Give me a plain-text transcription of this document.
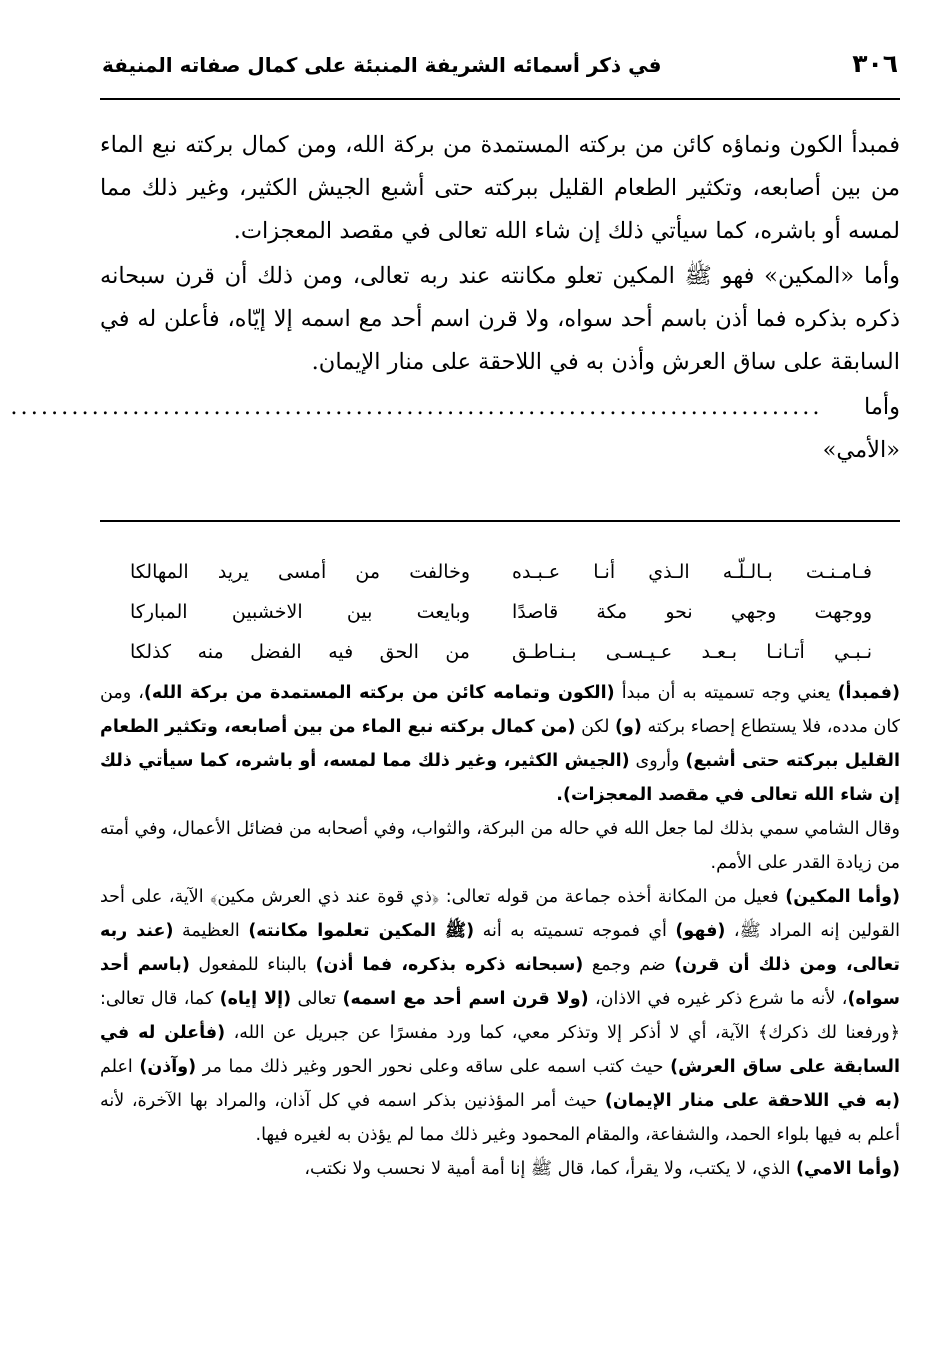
٣٠٦
في ذكر أسمائه الشريفة المنبئة على كمال صفاته المنيفة

فمبدأ الكون ونماؤه كائن من بركته المستمدة من بركة الله، ومن كمال بركته نبع الماء من بين أصابعه، وتكثير الطعام القليل ببركته حتى أشبع الجيش الكثير، وغير ذلك مما لمسه أو باشره، كما سيأتي ذلك إن شاء الله تعالى في مقصد المعجزات.

وأما «المكين» فهو ﷺ المكين تعلو مكانته عند ربه تعالى، ومن ذلك أن قرن سبحانه ذكره بذكره فما أذن باسم أحد سواه، ولا قرن اسم أحد مع اسمه إلا إيّاه، فأعلن له في السابقة على ساق العرش وأذن به في اللاحقة على منار الإيمان.

وأما «الأمي»
................................................................................
فـامـنـت بـالـلّـه الـذي أنـا عـبـده
وخالفت من أمسى يريد المهالكا
ووجهت وجهي نحو مكة قاصدًا
وبايعت بين الاخشبين المباركا
نـبـي أتـانـا بـعـد عـيـسـى بـنـاطـق
من الحق فيه الفضل منه كذلكا

(فمبدأ) يعني وجه تسميته به أن مبدأ (الكون وتمامه كائن من بركته المستمدة من بركة الله)، ومن كان مدده، فلا يستطاع إحصاء بركته (و) لكن (من كمال بركته نبع الماء من بين أصابعه، وتكثير الطعام القليل ببركته حتى أشبع) وأروى (الجيش الكثير، وغير ذلك مما لمسه، أو باشره، كما سيأتي ذلك إن شاء الله تعالى في مقصد المعجزات).

وقال الشامي سمي بذلك لما جعل الله في حاله من البركة، والثواب، وفي أصحابه من فضائل الأعمال، وفي أمته من زيادة القدر على الأمم.

(وأما المكين) فعيل من المكانة أخذه جماعة من قوله تعالى: ﴿ذي قوة عند ذي العرش مكين﴾ الآية، على أحد القولين إنه المراد ﷺ، (فهو) أي فموجه تسميته به أنه (ﷺ المكين تعلموا مكانته) العظيمة (عند ربه تعالى، ومن ذلك أن قرن) ضم وجمع (سبحانه ذكره بذكره، فما أذن) بالبناء للمفعول (باسم أحد سواه)، لأنه ما شرع ذكر غيره في الاذان، (ولا قرن اسم أحد مع اسمه) تعالى (إلا إياه) كما، قال تعالى: ﴿ورفعنا لك ذكرك﴾ الآية، أي لا أذكر إلا وتذكر معي، كما ورد مفسرًا عن جبريل عن الله، (فأعلن له في السابقة على ساق العرش) حيث كتب اسمه على ساقه وعلى نحور الحور وغير ذلك مما مر (وآذن) اعلم (به في اللاحقة على منار الإيمان) حيث أمر المؤذنين بذكر اسمه في كل آذان، والمراد بها الآخرة، لأنه أعلم به فيها بلواء الحمد، والشفاعة، والمقام المحمود وغير ذلك مما لم يؤذن به لغيره فيها.

(وأما الامي) الذي، لا يكتب، ولا يقرأ، كما، قال ﷺ إنا أمة أمية لا نحسب ولا نكتب،
